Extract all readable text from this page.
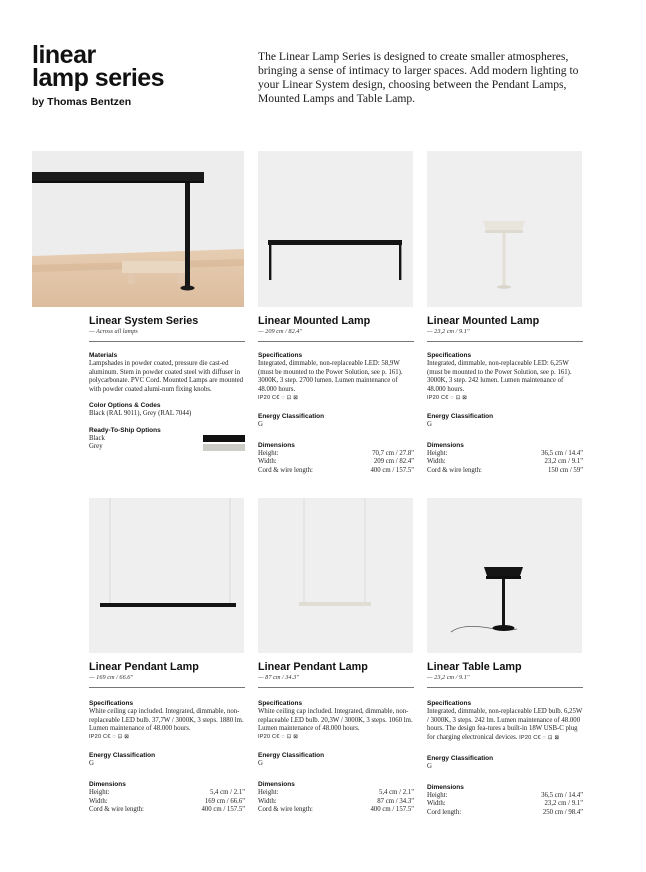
linear
lamp series
by Thomas Bentzen
The Linear Lamp Series is designed to create smaller atmospheres, bringing a sense of intimacy to larger spaces. Add modern lighting to your Linear System design, choosing between the Pendant Lamps, Mounted Lamps and Table Lamp.
Linear System Series
— Across all lamps
Materials
Lampshades in powder coated, pressure die cast-ed aluminum. Stem in powder coated steel with diffuser in polycarbonate. PVC Cord. Mounted Lamps are mounted with powder coated alumi-num fixing knobs.
Color Options & Codes
Black (RAL 9011), Grey (RAL 7044)
Ready-To-Ship Options
Black
Grey
Linear Mounted Lamp
— 209 cm / 82.4"
Specifications
Integrated, dimmable, non-replaceable LED: 58,9W (must be mounted to the Power Solution, see p. 161). 3000K, 3 step. 2700 lumen. Lumen maintenance of 48.000 hours.
IP20 C€ ◌ ⊡ ⊠
Energy Classification
G
Dimensions
Height:	70,7 cm / 27.8"
Width:	209 cm / 82.4"
Cord & wire length:	400 cm / 157.5"
Linear Mounted Lamp
— 23,2 cm / 9.1"
Specifications
Integrated, dimmable, non-replaceable LED: 6,25W (must be mounted to the Power Solution, see p. 161). 3000K, 3 step. 242 lumen. Lumen maintenance of 48.000 hours.
IP20 C€ ◌ ⊡ ⊠
Energy Classification
G
Dimensions
Height:	36,5 cm / 14.4"
Width:	23,2 cm / 9.1"
Cord & wire length:	150 cm / 59"
Linear Pendant Lamp
— 169 cm / 66.6"
Specifications
White ceiling cap included. Integrated, dimmable, non-replaceable LED bulb. 37,7W / 3000K, 3 steps. 1880 lm. Lumen maintenance of 48.000 hours.
IP20 C€ ◌ ⊡ ⊠
Energy Classification
G
Dimensions
Height:	5,4 cm / 2.1"
Width:	169 cm / 66.6"
Cord & wire length:	400 cm / 157.5"
Linear Pendant Lamp
— 87 cm / 34.3"
Specifications
White ceiling cap included. Integrated, dimmable, non-replaceable LED bulb. 20,3W / 3000K, 3 steps. 1060 lm. Lumen maintenance of 48.000 hours.
IP20 C€ ◌ ⊡ ⊠
Energy Classification
G
Dimensions
Height:	5,4 cm / 2.1"
Width:	87 cm / 34.3"
Cord & wire length:	400 cm / 157.5"
Linear Table Lamp
— 23,2 cm / 9.1"
Specifications
Integrated, dimmable, non-replaceable LED bulb. 6,25W / 3000K, 3 steps. 242 lm. Lumen maintenance of 48.000 hours. The design fea-tures a built-in 18W USB-C plug for charging electronical devices. IP20 C€ ◌ ⊡ ⊠
Energy Classification
G
Dimensions
Height:	36,5 cm / 14.4"
Width:	23,2 cm / 9.1"
Cord length:	250 cm / 98.4"
